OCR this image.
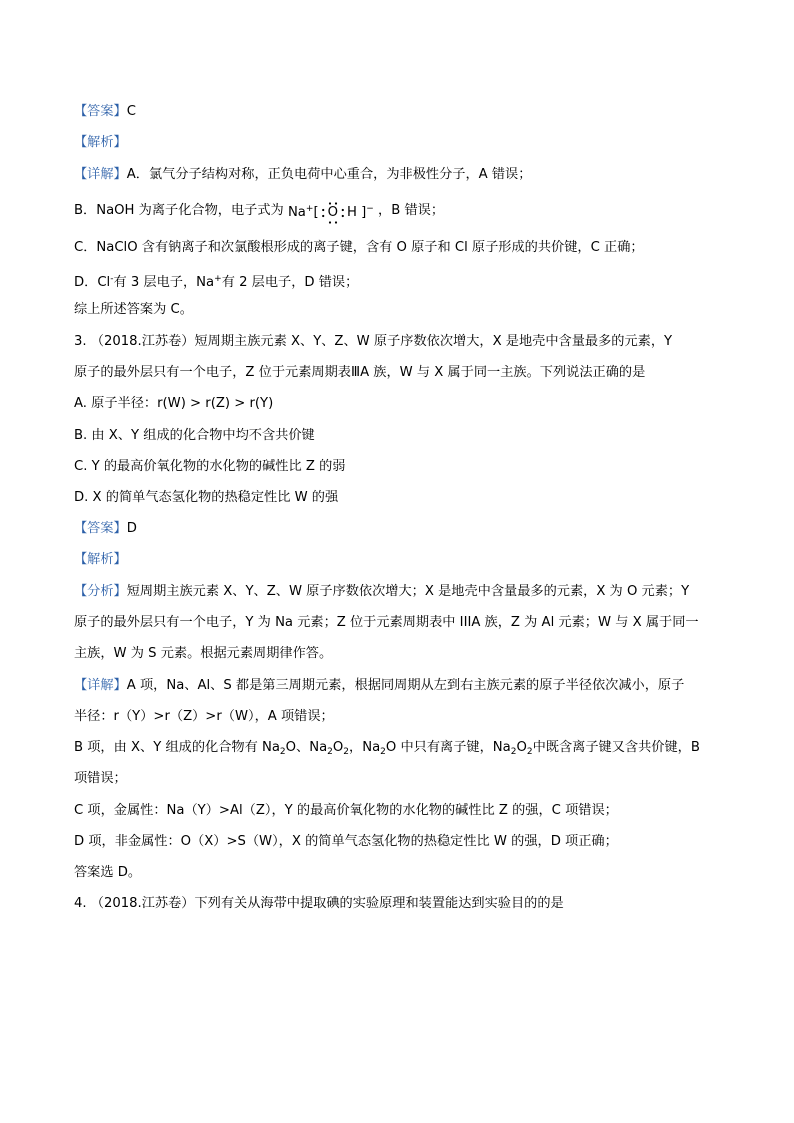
【答案】C
【解析】
【详解】A．氯气分子结构对称，正负电荷中心重合，为非极性分子，A 错误；
B．NaOH 为离子化合物，电子式为 Na+[ O H ]− ，B 错误；
C．NaClO 含有钠离子和次氯酸根形成的离子键，含有 O 原子和 Cl 原子形成的共价键，C 正确；
D．Cl-有 3 层电子，Na+有 2 层电子，D 错误；
综上所述答案为 C。
3. （2018.江苏卷）短周期主族元素 X、Y、Z、W 原子序数依次增大，X 是地壳中含量最多的元素，Y
原子的最外层只有一个电子，Z 位于元素周期表ⅢA 族，W 与 X 属于同一主族。下列说法正确的是
A. 原子半径：r(W) > r(Z) > r(Y)
B. 由 X、Y 组成的化合物中均不含共价键
C. Y 的最高价氧化物的水化物的碱性比 Z 的弱
D. X 的简单气态氢化物的热稳定性比 W 的强
【答案】D
【解析】
【分析】短周期主族元素 X、Y、Z、W 原子序数依次增大；X 是地壳中含量最多的元素，X 为 O 元素；Y
原子的最外层只有一个电子，Y 为 Na 元素；Z 位于元素周期表中 IIIA 族，Z 为 Al 元素；W 与 X 属于同一
主族，W 为 S 元素。根据元素周期律作答。
【详解】A 项，Na、Al、S 都是第三周期元素，根据同周期从左到右主族元素的原子半径依次减小，原子
半径：r（Y）>r（Z）>r（W），A 项错误；
B 项，由 X、Y 组成的化合物有 $Na_2O$、$Na_2O_2$，$Na_2O$ 中只有离子键，$Na_2O_2$中既含离子键又含共价键，B
项错误；
C 项，金属性：Na（Y）>Al（Z），Y 的最高价氧化物的水化物的碱性比 Z 的强，C 项错误；
D 项，非金属性：O（X）>S（W），X 的简单气态氢化物的热稳定性比 W 的强，D 项正确；
答案选 D。
4. （2018.江苏卷）下列有关从海带中提取碘的实验原理和装置能达到实验目的的是
